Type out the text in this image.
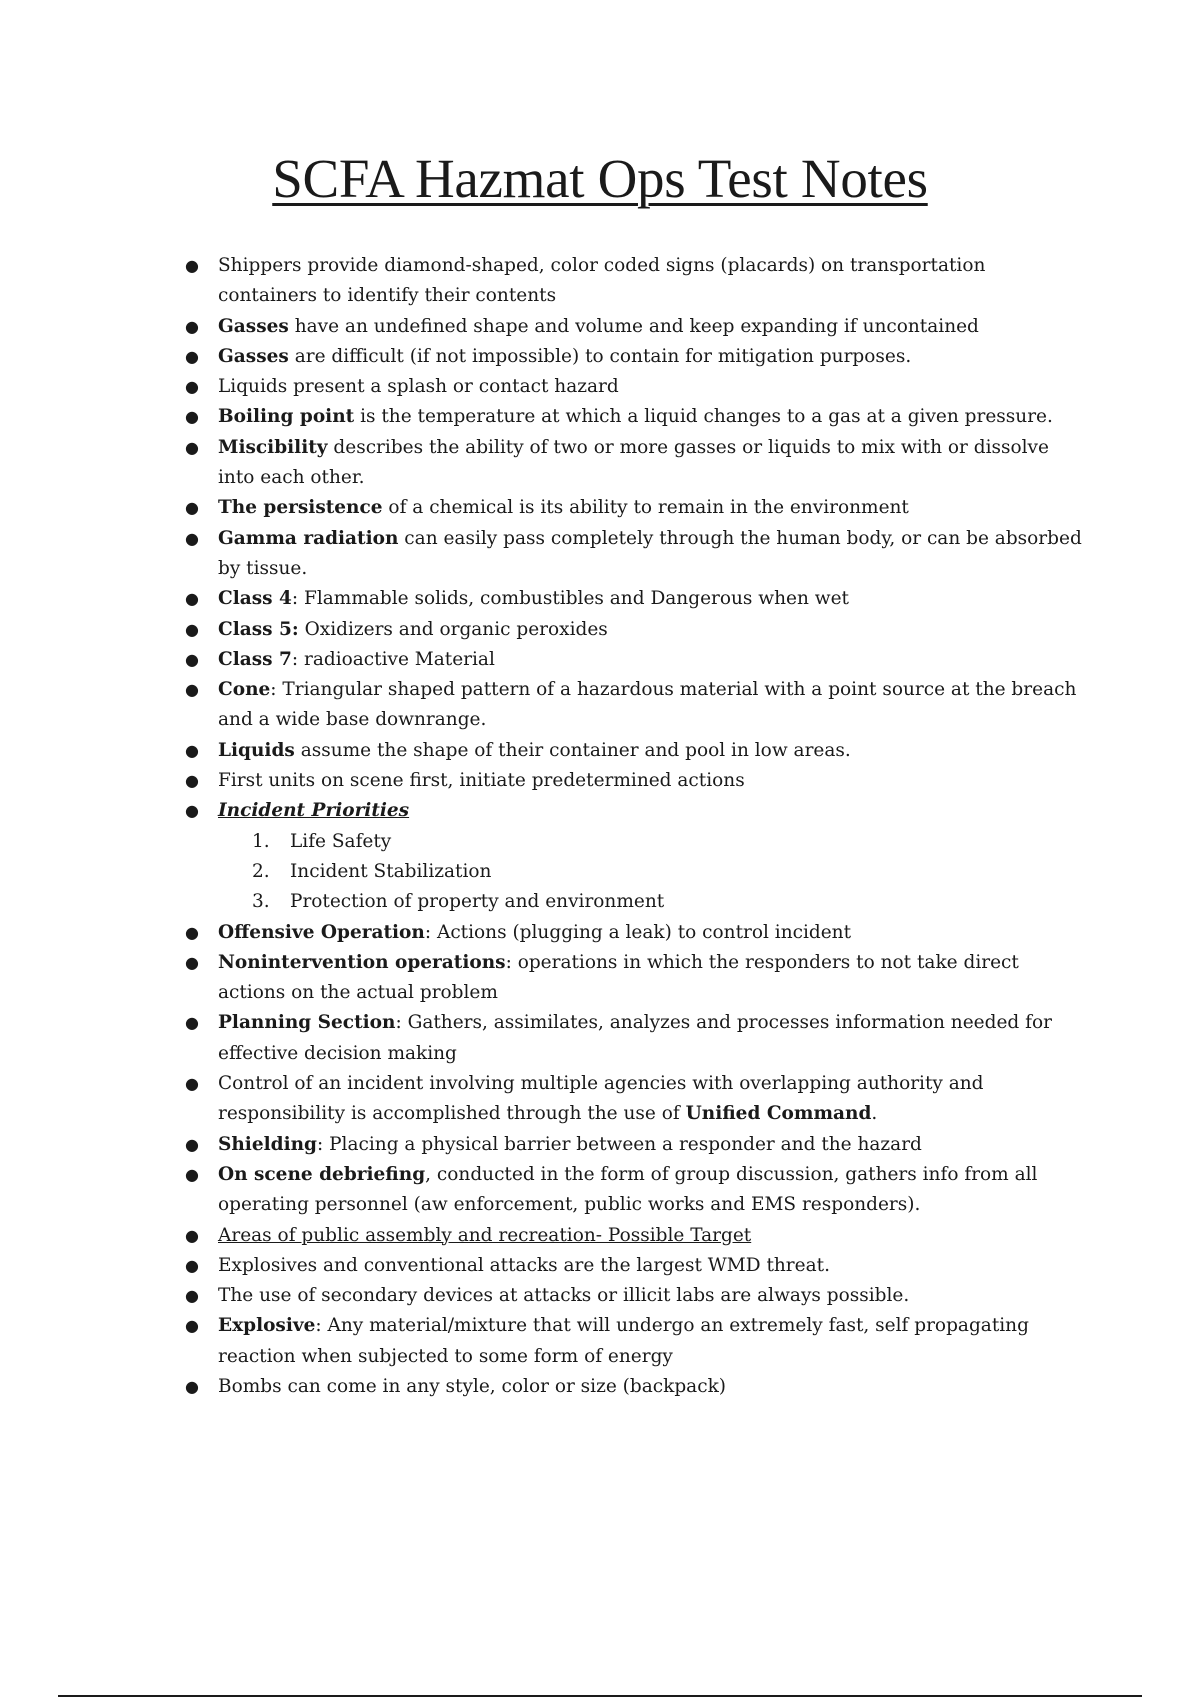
SCFA Hazmat Ops Test Notes
● Shippers provide diamond-shaped, color coded signs (placards) on transportation containers to identify their contents
● Gasses have an undefined shape and volume and keep expanding if uncontained
● Gasses are difficult (if not impossible) to contain for mitigation purposes.
● Liquids present a splash or contact hazard
● Boiling point is the temperature at which a liquid changes to a gas at a given pressure.
● Miscibility describes the ability of two or more gasses or liquids to mix with or dissolve into each other.
● The persistence of a chemical is its ability to remain in the environment
● Gamma radiation can easily pass completely through the human body, or can be absorbed by tissue.
● Class 4: Flammable solids, combustibles and Dangerous when wet
● Class 5: Oxidizers and organic peroxides
● Class 7: radioactive Material
● Cone: Triangular shaped pattern of a hazardous material with a point source at the breach and a wide base downrange.
● Liquids assume the shape of their container and pool in low areas.
● First units on scene first, initiate predetermined actions
● Incident Priorities
1. Life Safety
2. Incident Stabilization
3. Protection of property and environment
● Offensive Operation: Actions (plugging a leak) to control incident
● Nonintervention operations: operations in which the responders to not take direct actions on the actual problem
● Planning Section: Gathers, assimilates, analyzes and processes information needed for effective decision making
● Control of an incident involving multiple agencies with overlapping authority and responsibility is accomplished through the use of Unified Command.
● Shielding: Placing a physical barrier between a responder and the hazard
● On scene debriefing, conducted in the form of group discussion, gathers info from all operating personnel (aw enforcement, public works and EMS responders).
● Areas of public assembly and recreation- Possible Target
● Explosives and conventional attacks are the largest WMD threat.
● The use of secondary devices at attacks or illicit labs are always possible.
● Explosive: Any material/mixture that will undergo an extremely fast, self propagating reaction when subjected to some form of energy
● Bombs can come in any style, color or size (backpack)
